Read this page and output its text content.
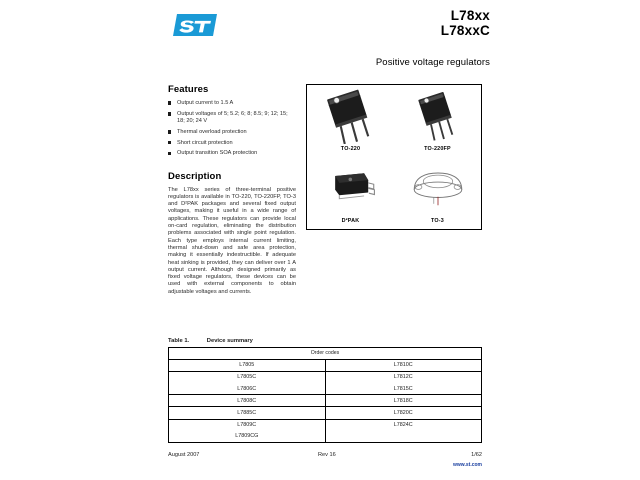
L78xx
L78xxC
Positive voltage regulators
Features
Output current to 1.5 A
Output voltages of 5; 5.2; 6; 8; 8.5; 9; 12; 15; 18; 20; 24 V
Thermal overload protection
Short circuit protection
Output transition SOA protection
Description

The L78xx series of three-terminal positive regulators is available in TO-220, TO-220FP, TO-3 and D²PAK packages and several fixed output voltages, making it useful in a wide range of applications. These regulators can provide local on-card regulation, eliminating the distribution problems associated with single point regulation. Each type employs internal current limiting, thermal shut-down and safe area protection, making it essentially indestructible. If adequate heat sinking is provided, they can deliver over 1 A output current. Although designed primarily as fixed voltage regulators, these devices can be used with external components to obtain adjustable voltages and currents.

TO-220	TO-220FP
D²PAK	TO-3
Table 1.	Device summary
Order codes	
L7805	L7810C
L7805C	L7812C
L7806C	L7815C
L7808C	L7818C
L7885C	L7820C
L7809C	L7824C
L7809CG	
August 2007	Rev 16	1/62
www.st.com
